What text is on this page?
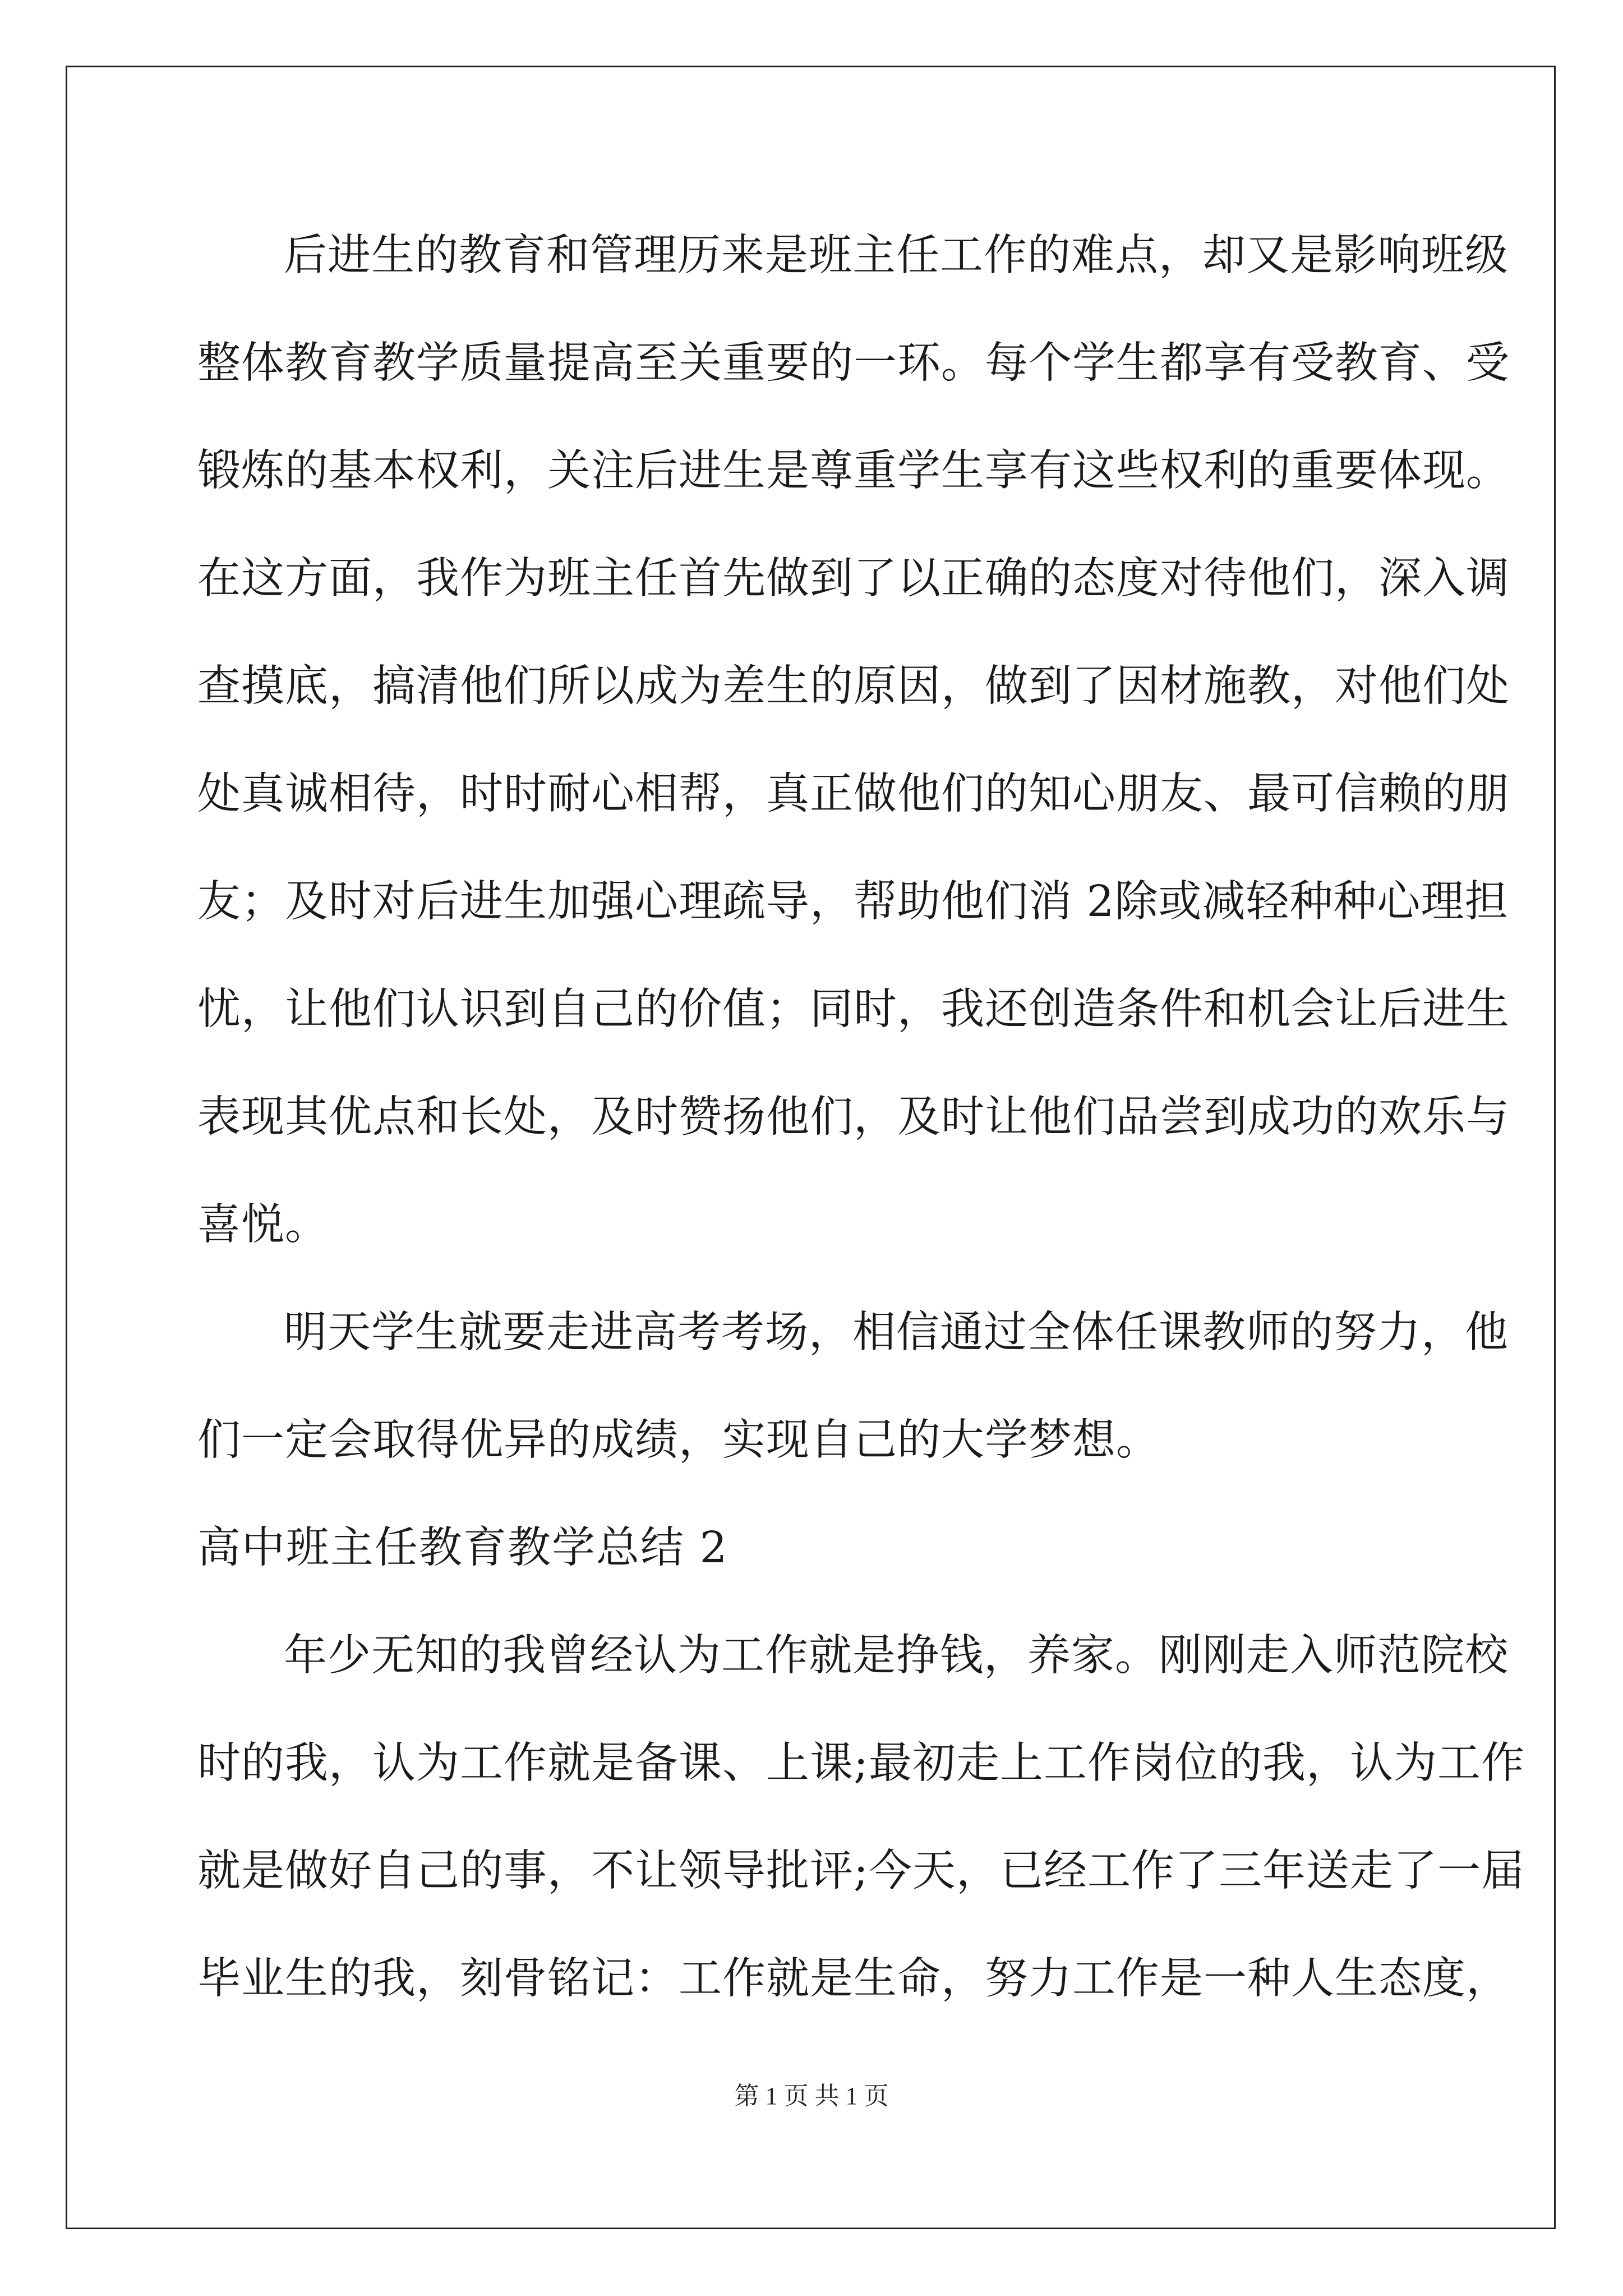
后进生的教育和管理历来是班主任工作的难点，却又是影响班级
整体教育教学质量提高至关重要的一环。每个学生都享有受教育、受
锻炼的基本权利，关注后进生是尊重学生享有这些权利的重要体现。
在这方面，我作为班主任首先做到了以正确的态度对待他们，深入调
查摸底，搞清他们所以成为差生的原因，做到了因材施教，对他们处
处真诚相待，时时耐心相帮，真正做他们的知心朋友、最可信赖的朋
友；及时对后进生加强心理疏导，帮助他们消 2除或减轻种种心理担
忧，让他们认识到自己的价值；同时，我还创造条件和机会让后进生
表现其优点和长处，及时赞扬他们，及时让他们品尝到成功的欢乐与
喜悦。
明天学生就要走进高考考场，相信通过全体任课教师的努力，他
们一定会取得优异的成绩，实现自己的大学梦想。
高中班主任教育教学总结 2
年少无知的我曾经认为工作就是挣钱，养家。刚刚走入师范院校
时的我，认为工作就是备课、上课;最初走上工作岗位的我，认为工作
就是做好自己的事，不让领导批评;今天，已经工作了三年送走了一届
毕业生的我，刻骨铭记：工作就是生命，努力工作是一种人生态度，
第 1 页 共 1 页
